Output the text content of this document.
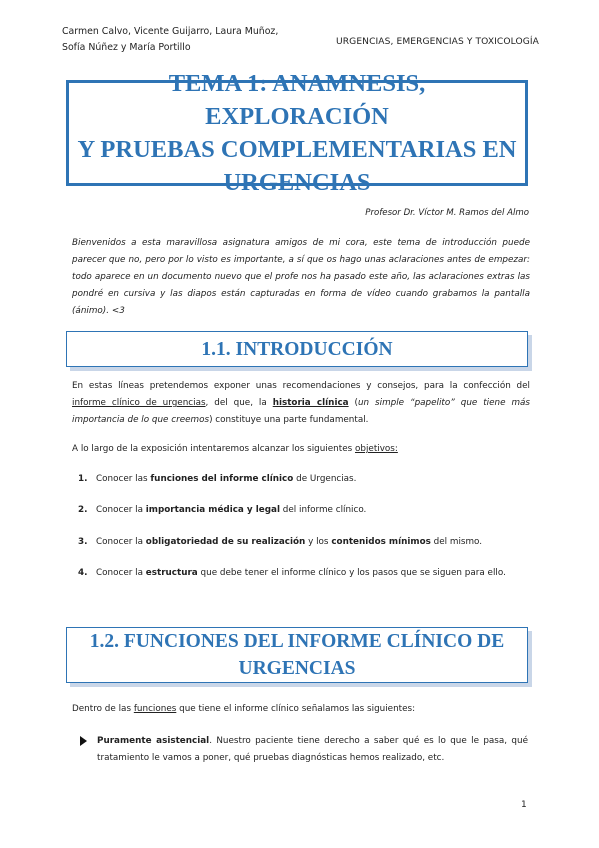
Carmen Calvo, Vicente Guijarro, Laura Muñoz,
Sofía Núñez y María Portillo	URGENCIAS, EMERGENCIAS Y TOXICOLOGÍA
TEMA 1: ANAMNESIS, EXPLORACIÓN
Y PRUEBAS COMPLEMENTARIAS EN
URGENCIAS
Profesor Dr. Víctor M. Ramos del Almo
Bienvenidos a esta maravillosa asignatura amigos de mi cora, este tema de introducción puede parecer que no, pero por lo visto es importante, a sí que os hago unas aclaraciones antes de empezar: todo aparece en un documento nuevo que el profe nos ha pasado este año, las aclaraciones extras las pondré en cursiva y las diapos están capturadas en forma de vídeo cuando grabamos la pantalla (ánimo). <3
1.1. INTRODUCCIÓN
En estas líneas pretendemos exponer unas recomendaciones y consejos, para la confección del informe clínico de urgencias, del que, la historia clínica (un simple “papelito” que tiene más importancia de lo que creemos) constituye una parte fundamental.
A lo largo de la exposición intentaremos alcanzar los siguientes objetivos:
1. Conocer las funciones del informe clínico de Urgencias.
2. Conocer la importancia médica y legal del informe clínico.
3. Conocer la obligatoriedad de su realización y los contenidos mínimos del mismo.
4. Conocer la estructura que debe tener el informe clínico y los pasos que se siguen para ello.
1.2. FUNCIONES DEL INFORME CLÍNICO DE
URGENCIAS
Dentro de las funciones que tiene el informe clínico señalamos las siguientes:
Puramente asistencial. Nuestro paciente tiene derecho a saber qué es lo que le pasa, qué tratamiento le vamos a poner, qué pruebas diagnósticas hemos realizado, etc.
1
